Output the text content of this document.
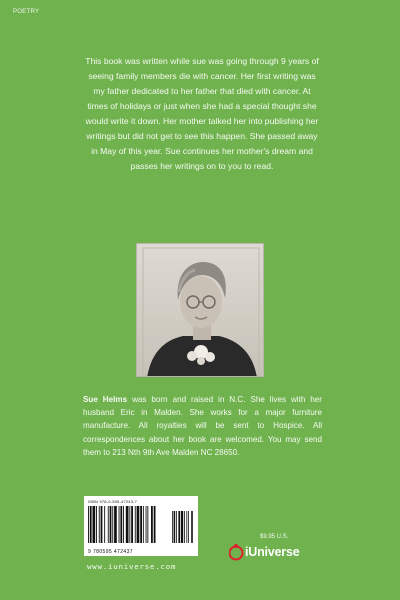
POETRY
This book was written while sue was going through 9 years of seeing family members die with cancer. Her first writing was my father dedicated to her father that died with cancer. At times of holidays or just when she had a special thought she would write it down. Her mother talked her into publishing her writings but did not get to see this happen. She passed away in May of this year. Sue continues her mother's dream and passes her writings on to you to read.
Sue Helms was born and raised in N.C. She lives with her husband Eric in Malden. She works for a major furniture manufacture. All royalties will be sent to Hospice. All correspondences about her book are welcomed. You may send them to 213 Nth 9th Ave Malden NC 28650.
ISBN 978-0-595-47243-7
9 780595 472437
www.iuniverse.com
$9.95 U.S.
iUniverse
